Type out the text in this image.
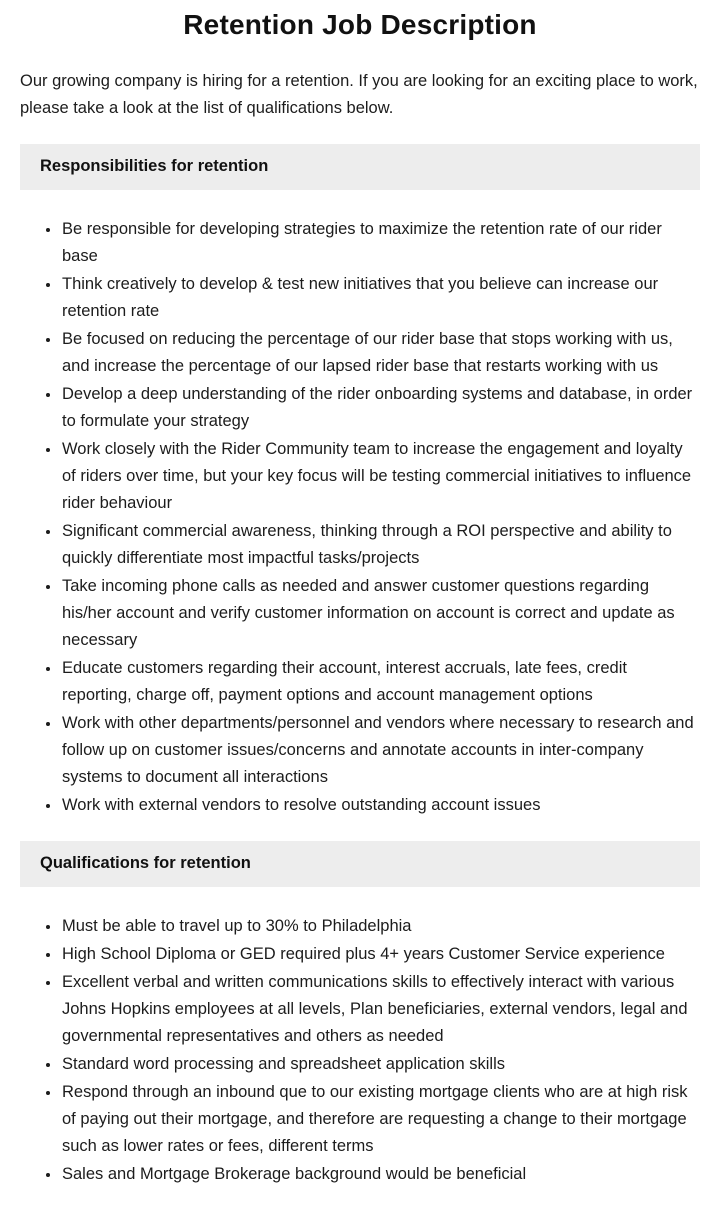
Retention Job Description

Our growing company is hiring for a retention. If you are looking for an exciting place to work, please take a look at the list of qualifications below.

Responsibilities for retention
• Be responsible for developing strategies to maximize the retention rate of our rider base
• Think creatively to develop & test new initiatives that you believe can increase our retention rate
• Be focused on reducing the percentage of our rider base that stops working with us, and increase the percentage of our lapsed rider base that restarts working with us
• Develop a deep understanding of the rider onboarding systems and database, in order to formulate your strategy
• Work closely with the Rider Community team to increase the engagement and loyalty of riders over time, but your key focus will be testing commercial initiatives to influence rider behaviour
• Significant commercial awareness, thinking through a ROI perspective and ability to quickly differentiate most impactful tasks/projects
• Take incoming phone calls as needed and answer customer questions regarding his/her account and verify customer information on account is correct and update as necessary
• Educate customers regarding their account, interest accruals, late fees, credit reporting, charge off, payment options and account management options
• Work with other departments/personnel and vendors where necessary to research and follow up on customer issues/concerns and annotate accounts in inter-company systems to document all interactions
• Work with external vendors to resolve outstanding account issues
Qualifications for retention
• Must be able to travel up to 30% to Philadelphia
• High School Diploma or GED required plus 4+ years Customer Service experience
• Excellent verbal and written communications skills to effectively interact with various Johns Hopkins employees at all levels, Plan beneficiaries, external vendors, legal and governmental representatives and others as needed
• Standard word processing and spreadsheet application skills
• Respond through an inbound que to our existing mortgage clients who are at high risk of paying out their mortgage, and therefore are requesting a change to their mortgage such as lower rates or fees, different terms
• Sales and Mortgage Brokerage background would be beneficial
